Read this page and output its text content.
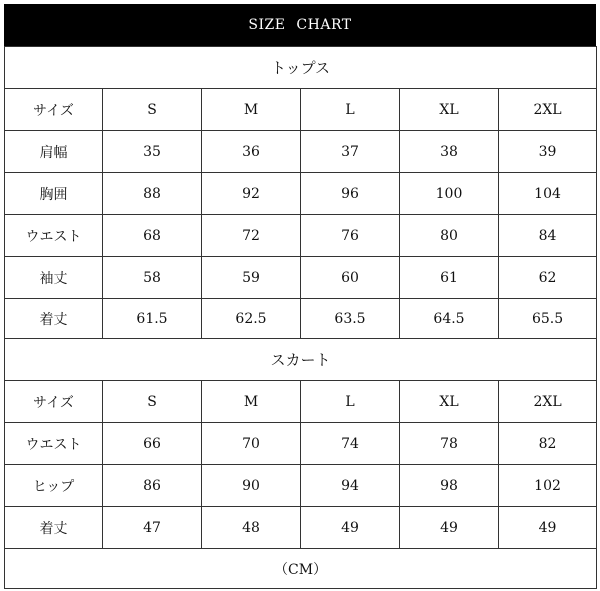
SIZE CHART
トップス					
サイズ	S	M	L	XL	2XL
肩幅	35	36	37	38	39
胸囲	88	92	96	100	104
ウエスト	68	72	76	80	84
袖丈	58	59	60	61	62
着丈	61.5	62.5	63.5	64.5	65.5
スカート					
サイズ	S	M	L	XL	2XL
ウエスト	66	70	74	78	82
ヒップ	86	90	94	98	102
着丈	47	48	49	49	49
（CM）					
